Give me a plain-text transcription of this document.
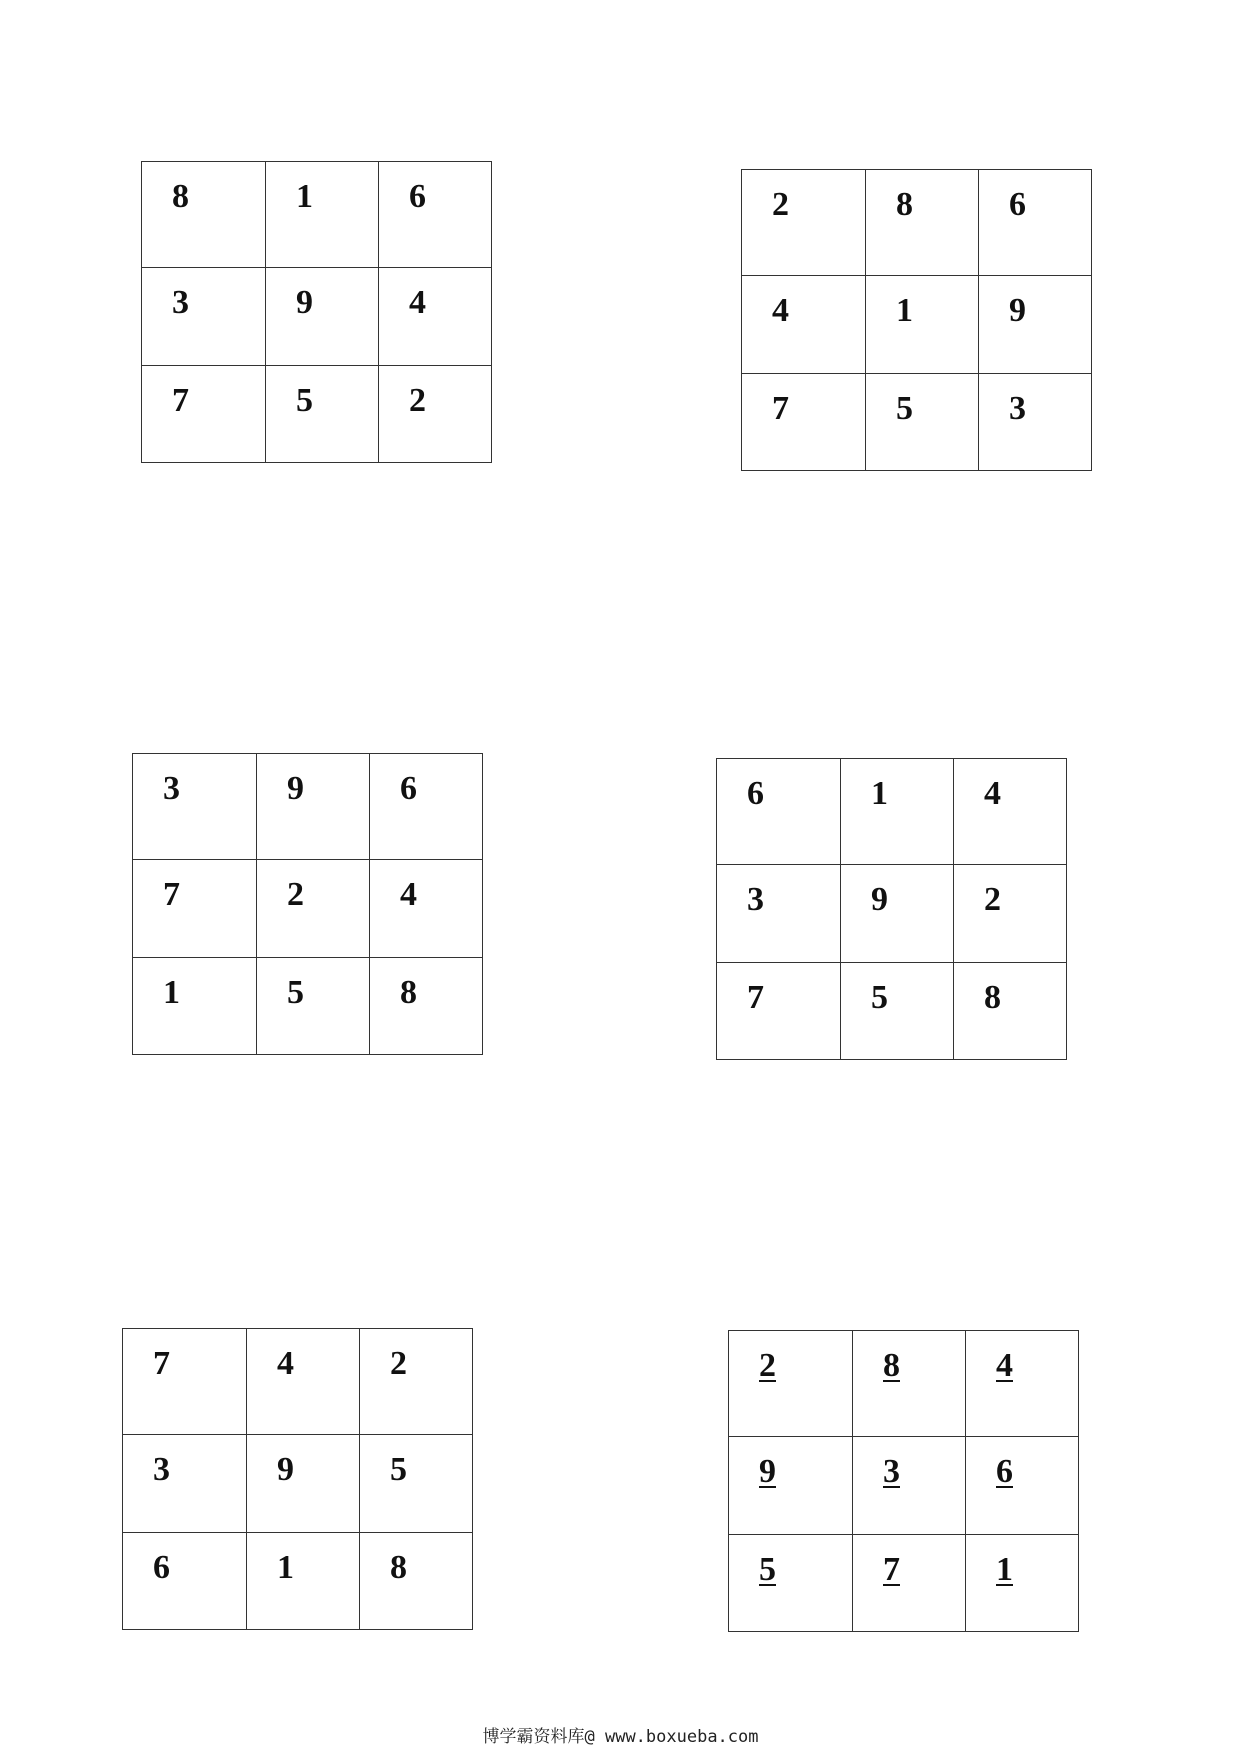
8	1	6
3	9	4
7	5	2
2	8	6
4	1	9
7	5	3
3	9	6
7	2	4
1	5	8
6	1	4
3	9	2
7	5	8
7	4	2
3	9	5
6	1	8
2	8	4
9	3	6
5	7	1
博学霸资料库@ www.boxueba.com
